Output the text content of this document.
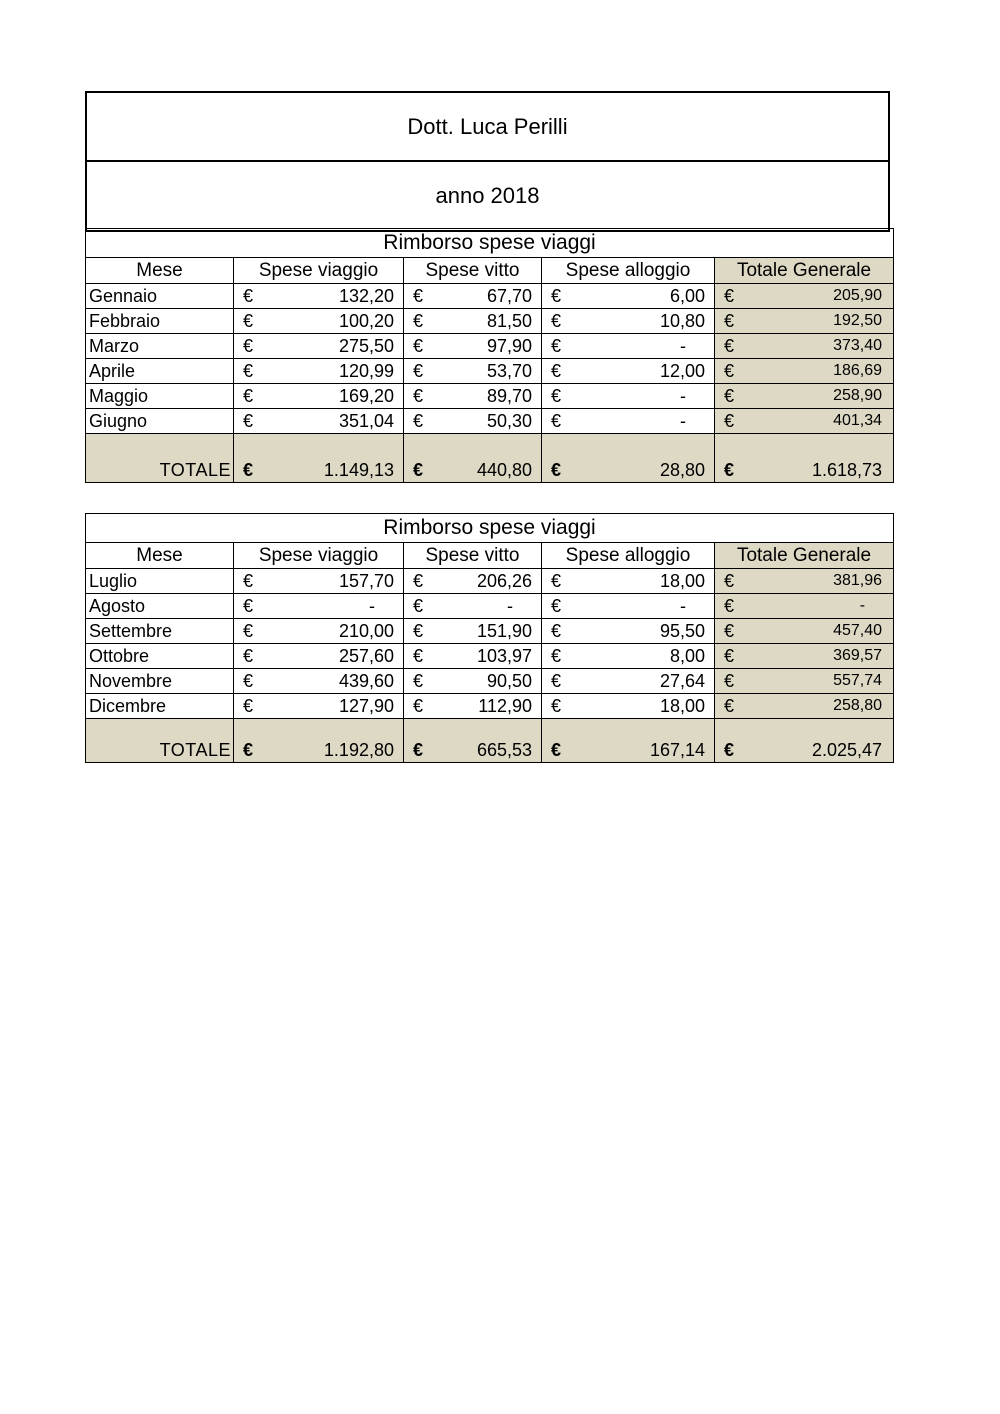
Dott. Luca Perilli
anno 2018
Rimborso spese viaggi				
Mese	Spese viaggio	Spese vitto	Spese alloggio	Totale Generale
Gennaio	€ 132,20	€ 67,70	€ 6,00	€ 205,90

Febbraio	€ 100,20	€ 81,50	€ 10,80	€ 192,50

Marzo	€ 275,50	€ 97,90	€ -	€ 373,40

Aprile	€ 120,99	€ 53,70	€ 12,00	€ 186,69

Maggio	€ 169,20	€ 89,70	€ -	€ 258,90

Giugno	€ 351,04	€ 50,30	€ -	€ 401,34

TOTALE	€ 1.149,13	€ 440,80	€ 28,80	€ 1.618,73
Rimborso spese viaggi				
Mese	Spese viaggio	Spese vitto	Spese alloggio	Totale Generale
Luglio	€ 157,70	€ 206,26	€ 18,00	€ 381,96

Agosto	€ -	€ -	€ -	€ -

Settembre	€ 210,00	€ 151,90	€ 95,50	€ 457,40

Ottobre	€ 257,60	€ 103,97	€ 8,00	€ 369,57

Novembre	€ 439,60	€ 90,50	€ 27,64	€ 557,74

Dicembre	€ 127,90	€ 112,90	€ 18,00	€ 258,80

TOTALE	€ 1.192,80	€ 665,53	€ 167,14	€ 2.025,47
